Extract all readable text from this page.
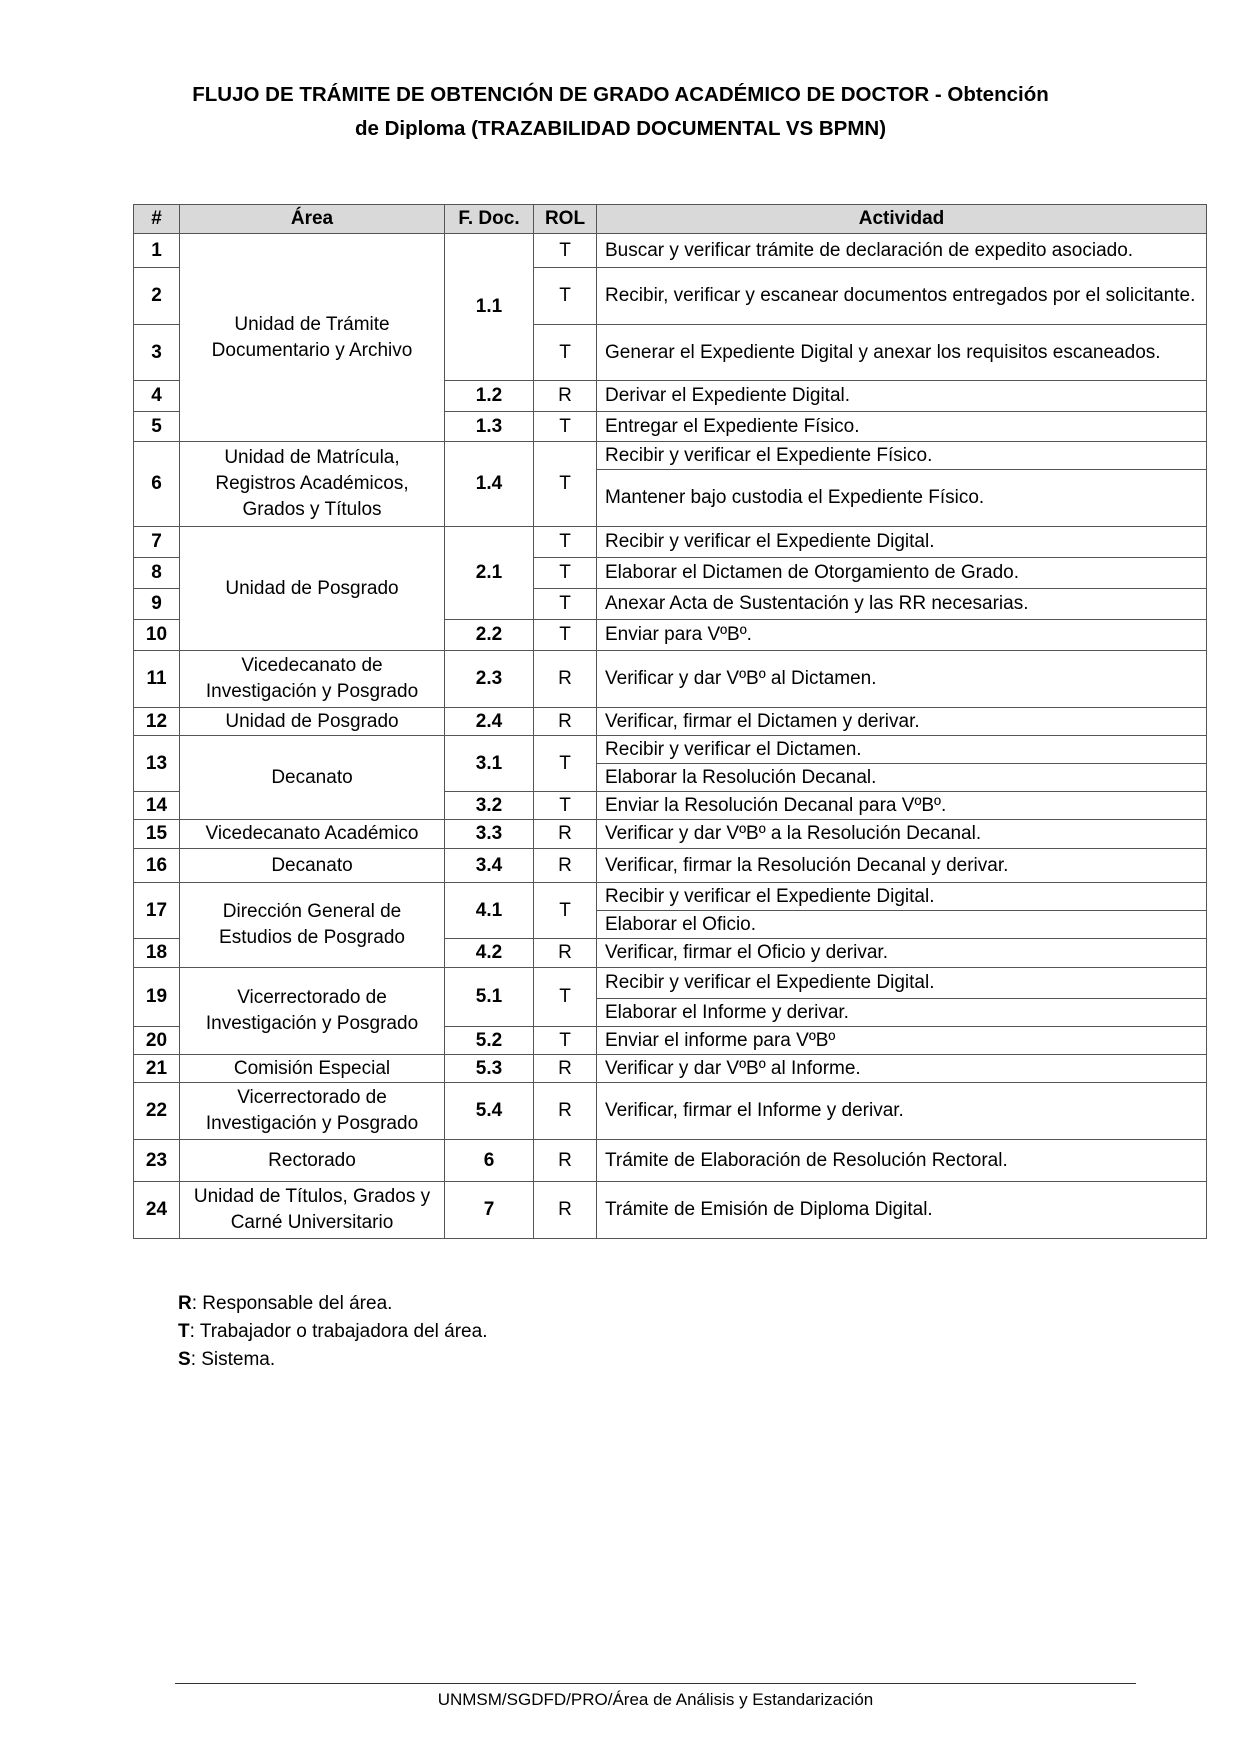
FLUJO DE TRÁMITE DE OBTENCIÓN DE GRADO ACADÉMICO DE DOCTOR - Obtención
de Diploma (TRAZABILIDAD DOCUMENTAL VS BPMN)
#	Área	F. Doc.	ROL	Actividad
1	Unidad de Trámite Documentario y Archivo	1.1	T	Buscar y verificar trámite de declaración de expedito asociado.
2			T	Recibir, verificar y escanear documentos entregados por el solicitante.
3			T	Generar el Expediente Digital y anexar los requisitos escaneados.
4		1.2	R	Derivar el Expediente Digital.
5		1.3	T	Entregar el Expediente Físico.
6	Unidad de Matrícula, Registros Académicos, Grados y Títulos	1.4	T	Recibir y verificar el Expediente Físico.
				Mantener bajo custodia el Expediente Físico.
7	Unidad de Posgrado	2.1	T	Recibir y verificar el Expediente Digital.
8			T	Elaborar el Dictamen de Otorgamiento de Grado.
9			T	Anexar Acta de Sustentación y las RR necesarias.
10		2.2	T	Enviar para VºBº.
11	Vicedecanato de Investigación y Posgrado	2.3	R	Verificar y dar VºBº al Dictamen.
12	Unidad de Posgrado	2.4	R	Verificar, firmar el Dictamen y derivar.
13	Decanato	3.1	T	Recibir y verificar el Dictamen.
				Elaborar la Resolución Decanal.
14		3.2	T	Enviar la Resolución Decanal para VºBº.
15	Vicedecanato Académico	3.3	R	Verificar y dar VºBº a la Resolución Decanal.
16	Decanato	3.4	R	Verificar, firmar la Resolución Decanal y derivar.
17	Dirección General de Estudios de Posgrado	4.1	T	Recibir y verificar el Expediente Digital.
				Elaborar el Oficio.
18		4.2	R	Verificar, firmar el Oficio y derivar.
19	Vicerrectorado de Investigación y Posgrado	5.1	T	Recibir y verificar el Expediente Digital.
				Elaborar el Informe y derivar.
20		5.2	T	Enviar el informe para VºBº
21	Comisión Especial	5.3	R	Verificar y dar VºBº al Informe.
22	Vicerrectorado de Investigación y Posgrado	5.4	R	Verificar, firmar el Informe y derivar.
23	Rectorado	6	R	Trámite de Elaboración de Resolución Rectoral.
24	Unidad de Títulos, Grados y Carné Universitario	7	R	Trámite de Emisión de Diploma Digital.
R: Responsable del área.
T: Trabajador o trabajadora del área.
S: Sistema.
UNMSM/SGDFD/PRO/Área de Análisis y Estandarización
